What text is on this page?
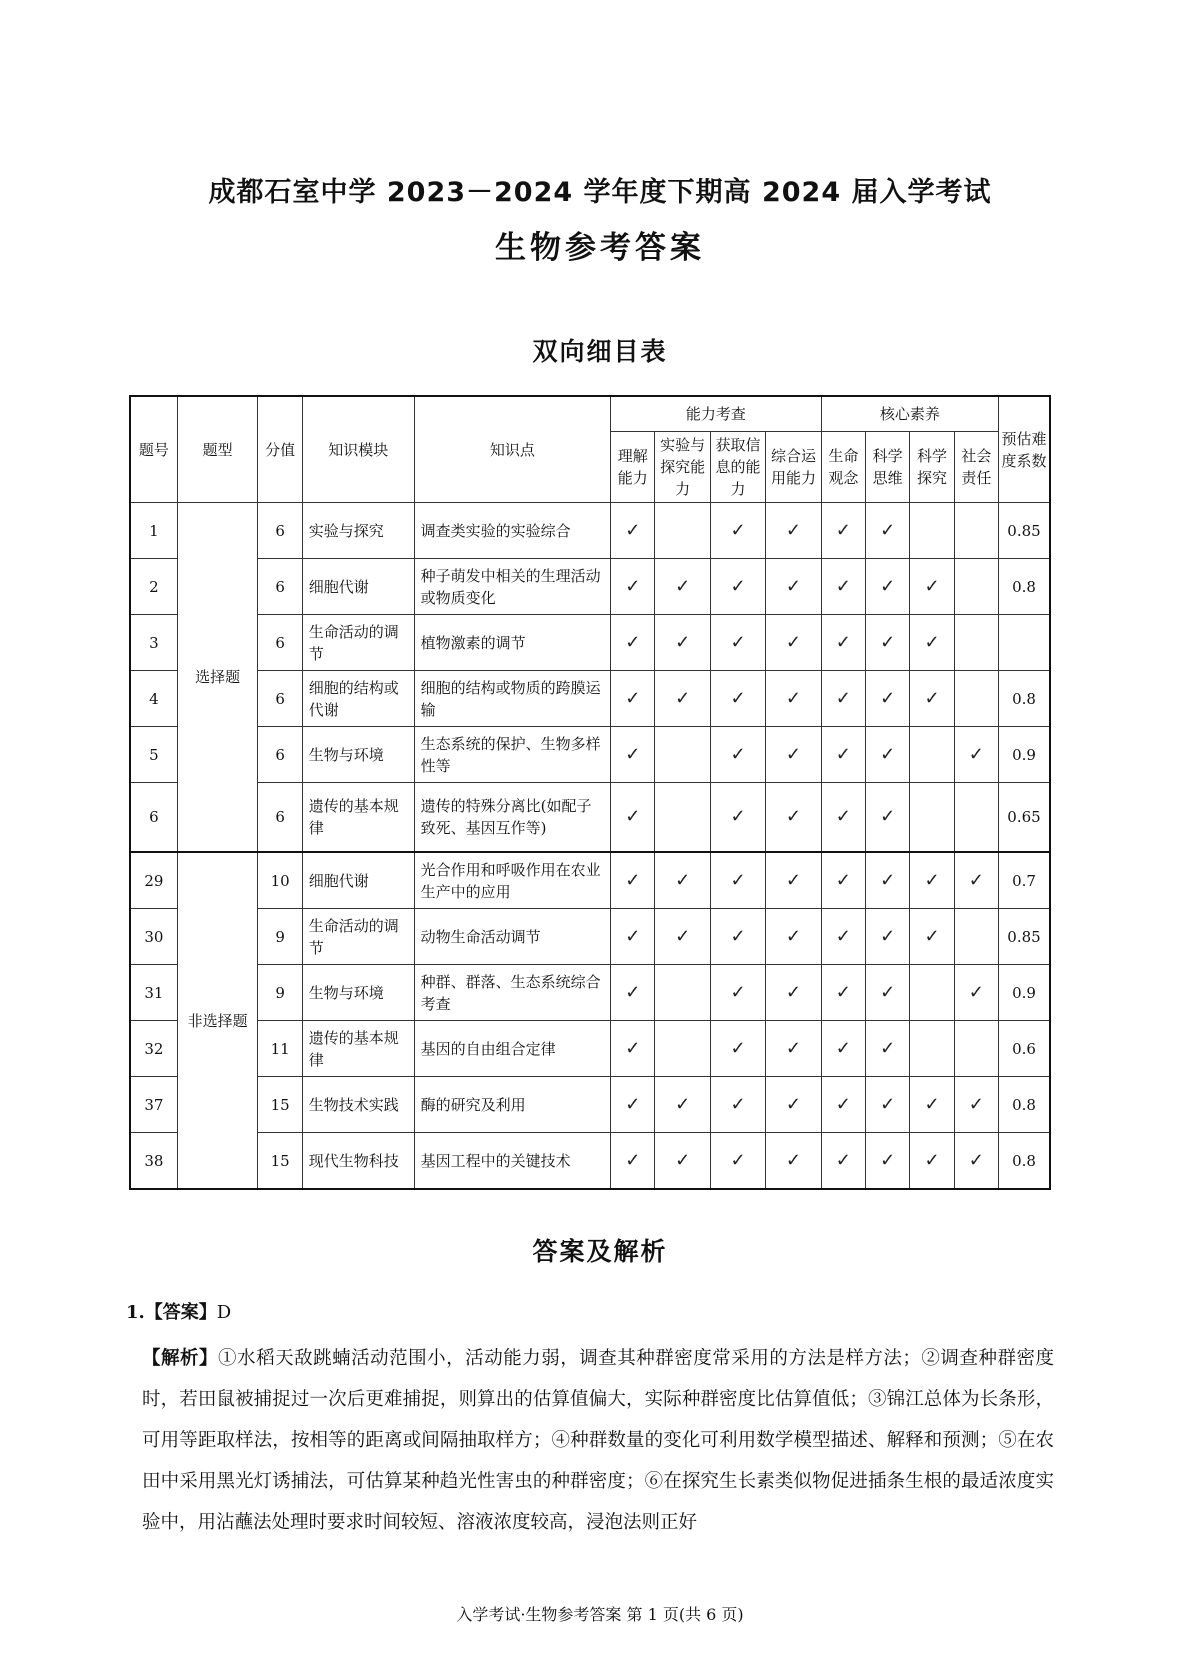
成都石室中学 2023－2024 学年度下期高 2024 届入学考试
生物参考答案
双向细目表
题号	题型	分值	知识模块	知识点	能力考查				核心素养				预估难度系数
					理解能力	实验与探究能力	获取信息的能力	综合运用能力	生命观念	科学思维	科学探究	社会责任	
1	选择题	6	实验与探究	调查类实验的实验综合	✓		✓	✓	✓	✓			0.85
2		6	细胞代谢	种子萌发中相关的生理活动或物质变化	✓	✓	✓	✓	✓	✓	✓		0.8
3		6	生命活动的调节	植物激素的调节	✓	✓	✓	✓	✓	✓	✓		
4		6	细胞的结构或代谢	细胞的结构或物质的跨膜运输	✓	✓	✓	✓	✓	✓	✓		0.8
5		6	生物与环境	生态系统的保护、生物多样性等	✓		✓	✓	✓	✓		✓	0.9
6		6	遗传的基本规律	遗传的特殊分离比(如配子致死、基因互作等)	✓		✓	✓	✓	✓			0.65
29	非选择题	10	细胞代谢	光合作用和呼吸作用在农业生产中的应用	✓	✓	✓	✓	✓	✓	✓	✓	0.7
30		9	生命活动的调节	动物生命活动调节	✓	✓	✓	✓	✓	✓	✓		0.85
31		9	生物与环境	种群、群落、生态系统综合考查	✓		✓	✓	✓	✓		✓	0.9
32		11	遗传的基本规律	基因的自由组合定律	✓		✓	✓	✓	✓			0.6
37		15	生物技术实践	酶的研究及利用	✓	✓	✓	✓	✓	✓	✓	✓	0.8
38		15	现代生物科技	基因工程中的关键技术	✓	✓	✓	✓	✓	✓	✓	✓	0.8
答案及解析
1.【答案】D
【解析】①水稻天敌跳蝻活动范围小，活动能力弱，调查其种群密度常采用的方法是样方法；②调查种群密度时，若田鼠被捕捉过一次后更难捕捉，则算出的估算值偏大，实际种群密度比估算值低；③锦江总体为长条形，可用等距取样法，按相等的距离或间隔抽取样方；④种群数量的变化可利用数学模型描述、解释和预测；⑤在农田中采用黑光灯诱捕法，可估算某种趋光性害虫的种群密度；⑥在探究生长素类似物促进插条生根的最适浓度实验中，用沾蘸法处理时要求时间较短、溶液浓度较高，浸泡法则正好
入学考试·生物参考答案 第 1 页(共 6 页)
